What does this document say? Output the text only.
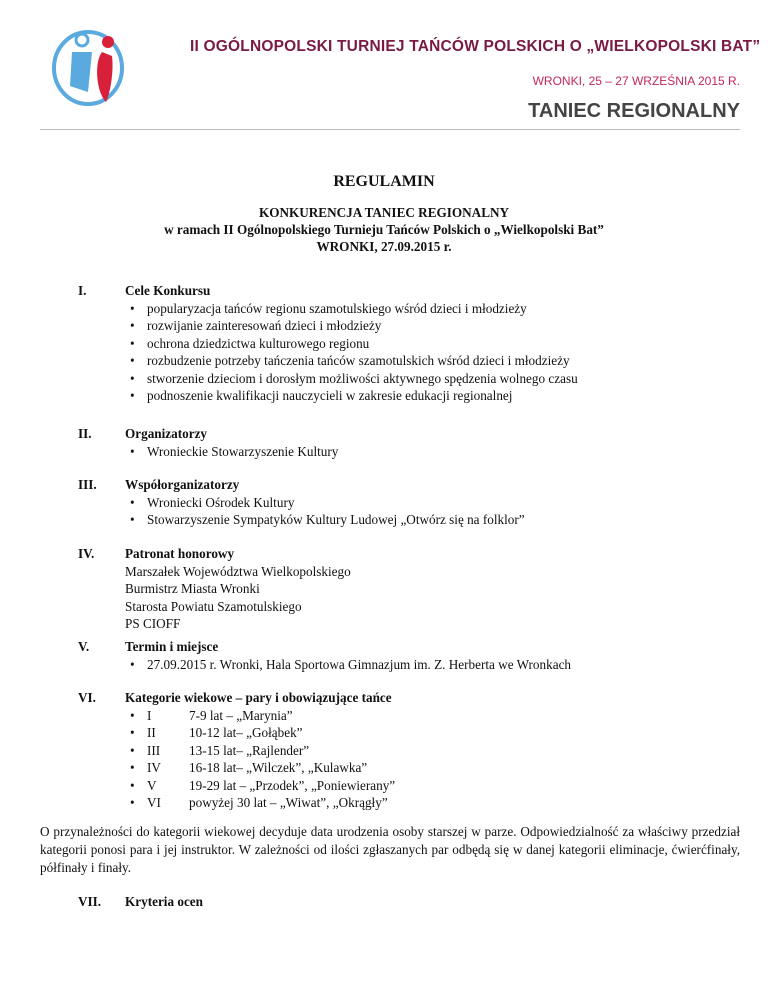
II OGÓLNOPOLSKI TURNIEJ TAŃCÓW POLSKICH O „WIELKOPOLSKI BAT”
WRONKI, 25 – 27 WRZEŚNIA 2015 R.
TANIEC REGIONALNY
REGULAMIN
KONKURENCJA TANIEC REGIONALNY
w ramach II Ogólnopolskiego Turnieju Tańców Polskich o „Wielkopolski Bat”
WRONKI, 27.09.2015 r.
I.	Cele Konkursu
• popularyzacja tańców regionu szamotulskiego wśród dzieci i młodzieży
• rozwijanie zainteresowań dzieci i młodzieży
• ochrona dziedzictwa kulturowego regionu
• rozbudzenie potrzeby tańczenia tańców szamotulskich wśród dzieci i młodzieży
• stworzenie dzieciom i dorosłym możliwości aktywnego spędzenia wolnego czasu
• podnoszenie kwalifikacji nauczycieli w zakresie edukacji regionalnej
II.	Organizatorzy
• Wronieckie Stowarzyszenie Kultury
III.	Współorganizatorzy
• Wroniecki Ośrodek Kultury
• Stowarzyszenie Sympatyków Kultury Ludowej „Otwórz się na folklor”
IV.	Patronat honorowy
Marszałek Województwa Wielkopolskiego
Burmistrz Miasta Wronki
Starosta Powiatu Szamotulskiego
PS CIOFF
V.	Termin i miejsce
• 27.09.2015 r. Wronki, Hala Sportowa Gimnazjum im. Z. Herberta we Wronkach
VI.	Kategorie wiekowe – pary i obowiązujące tańce
• I	7-9 lat – „Marynia”
• II	10-12 lat– „Gołąbek”
• III	13-15 lat– „Rajlender”
• IV	16-18 lat– „Wilczek”, „Kulawka”
• V	19-29 lat – „Przodek”, „Poniewierany”
• VI	powyżej 30 lat – „Wiwat”, „Okrągły”
O przynależności do kategorii wiekowej decyduje data urodzenia osoby starszej w parze. Odpowiedzialność za właściwy przedział kategorii ponosi para i jej instruktor. W zależności od ilości zgłaszanych par odbędą się w danej kategorii eliminacje, ćwierćfinały, półfinały i finały.
VII.	Kryteria ocen
